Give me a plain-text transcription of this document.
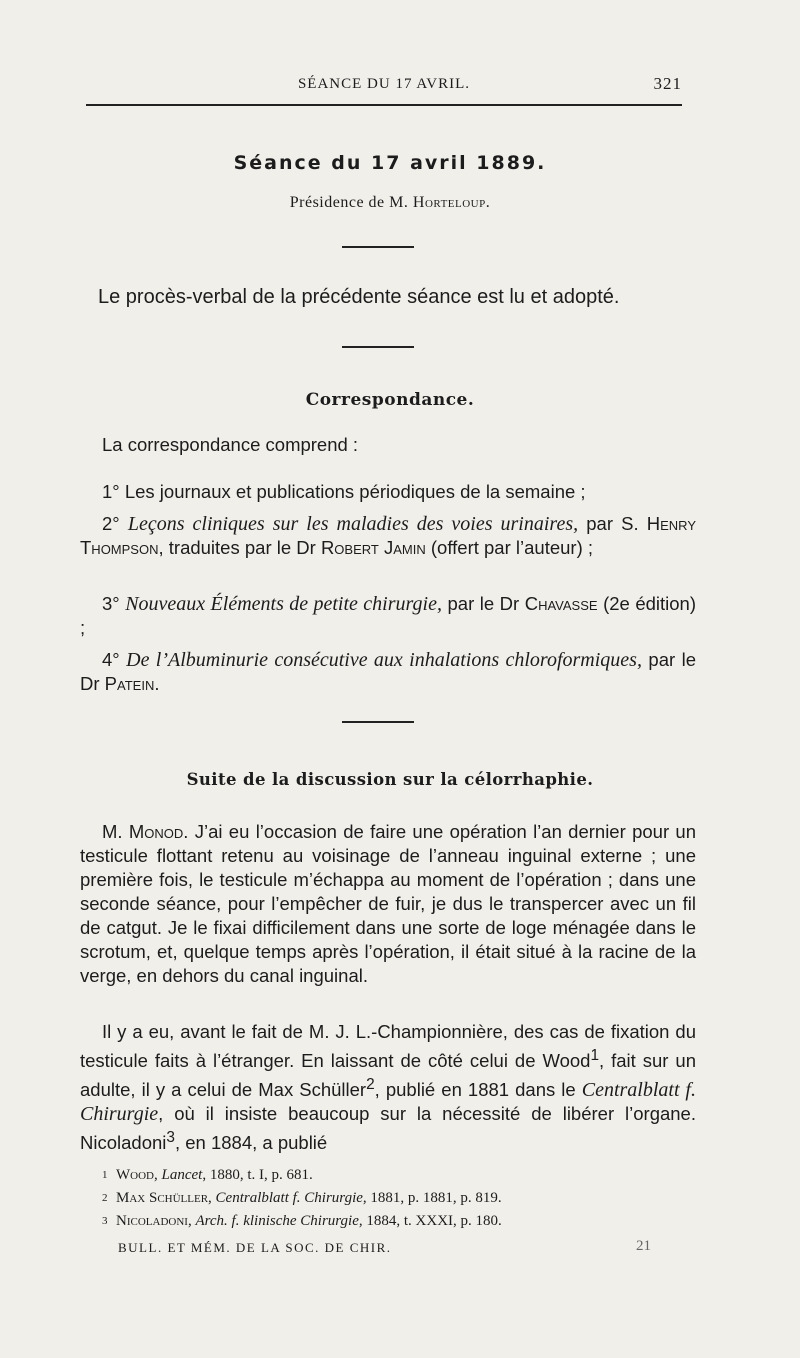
SÉANCE DU 17 AVRIL.	321
Séance du 17 avril 1889.
Présidence de M. Horteloup.
Le procès-verbal de la précédente séance est lu et adopté.
Correspondance.
La correspondance comprend :
1° Les journaux et publications périodiques de la semaine ;
2° Leçons cliniques sur les maladies des voies urinaires, par S. Henry Thompson, traduites par le Dr Robert Jamin (offert par l’auteur) ;
3° Nouveaux Éléments de petite chirurgie, par le Dr Chavasse (2e édition) ;
4° De l’Albuminurie consécutive aux inhalations chloroformiques, par le Dr Patein.
Suite de la discussion sur la célorrhaphie.
M. Monod. J’ai eu l’occasion de faire une opération l’an dernier pour un testicule flottant retenu au voisinage de l’anneau inguinal externe ; une première fois, le testicule m’échappa au moment de l’opération ; dans une seconde séance, pour l’empêcher de fuir, je dus le transpercer avec un fil de catgut. Je le fixai difficilement dans une sorte de loge ménagée dans le scrotum, et, quelque temps après l’opération, il était situé à la racine de la verge, en dehors du canal inguinal.
Il y a eu, avant le fait de M. J. L.-Championnière, des cas de fixation du testicule faits à l’étranger. En laissant de côté celui de Wood$^1$, fait sur un adulte, il y a celui de Max Schüller$^2$, publié en 1881 dans le Centralblatt f. Chirurgie, où il insiste beaucoup sur la nécessité de libérer l’organe. Nicoladoni$^3$, en 1884, a publié
1 Wood, Lancet, 1880, t. I, p. 681.
2 Max Schüller, Centralblatt f. Chirurgie, 1881, p. 1881, p. 819.
3 Nicoladoni, Arch. f. klinische Chirurgie, 1884, t. XXXI, p. 180.
BULL. ET MÉM. DE LA SOC. DE CHIR.	21
